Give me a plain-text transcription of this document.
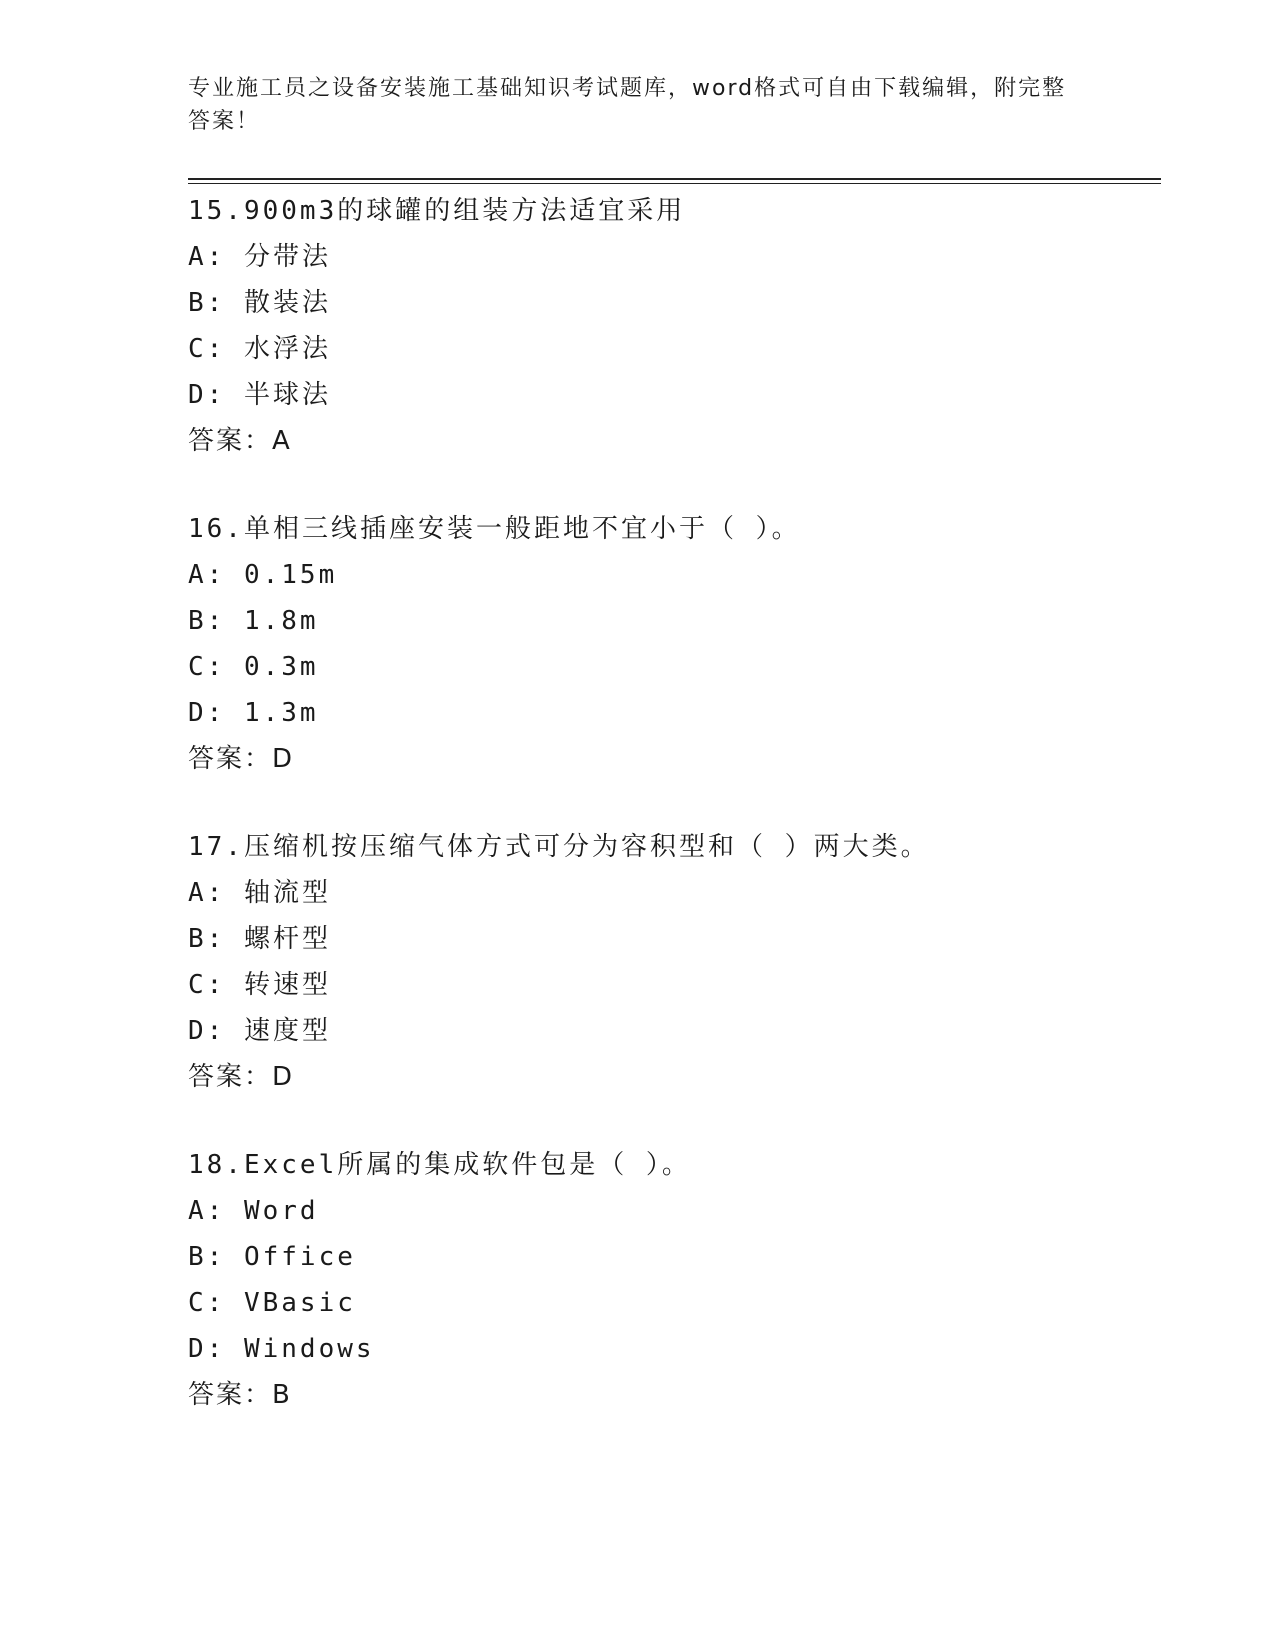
专业施工员之设备安装施工基础知识考试题库，word格式可自由下载编辑，附完整答案！
15.900m3的球罐的组装方法适宜采用
A: 分带法
B: 散装法
C: 水浮法
D: 半球法
答案：A
16.单相三线插座安装一般距地不宜小于（ ）。
A: 0.15m
B: 1.8m
C: 0.3m
D: 1.3m
答案：D
17.压缩机按压缩气体方式可分为容积型和（ ）两大类。
A: 轴流型
B: 螺杆型
C: 转速型
D: 速度型
答案：D
18.Excel所属的集成软件包是（ ）。
A: Word
B: Office
C: VBasic
D: Windows
答案：B
